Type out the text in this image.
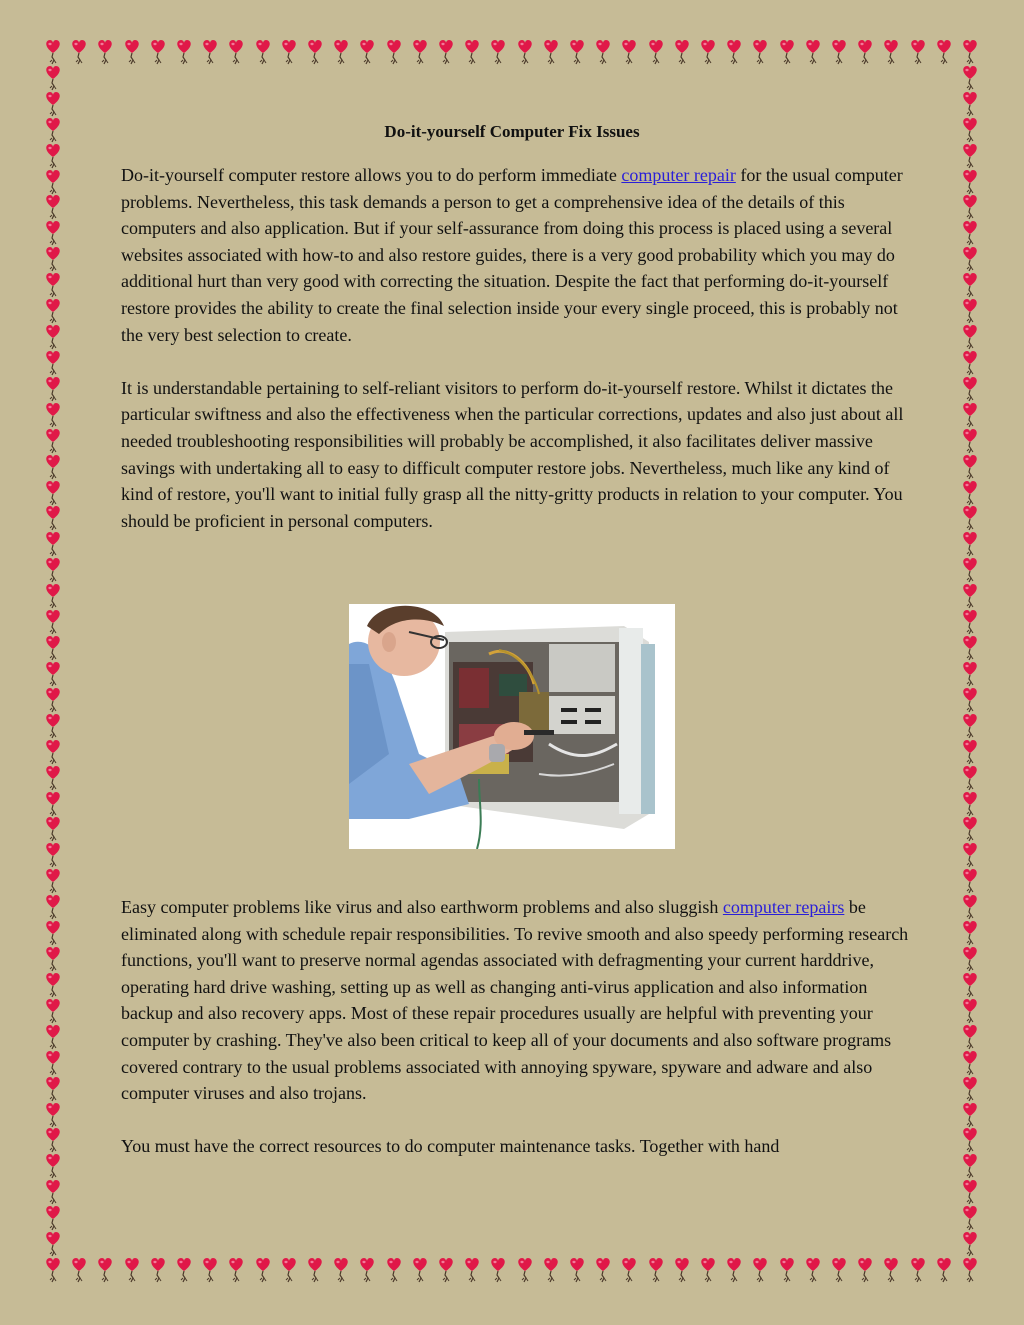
Do-it-yourself Computer Fix Issues

Do-it-yourself computer restore allows you to do perform immediate computer repair for the usual computer problems. Nevertheless, this task demands a person to get a comprehensive idea of the details of this computers and also application. But if your self-assurance from doing this process is placed using a several websites associated with how-to and also restore guides, there is a very good probability which you may do additional hurt than very good with correcting the situation. Despite the fact that performing do-it-yourself restore provides the ability to create the final selection inside your every single proceed, this is probably not the very best selection to create.

It is understandable pertaining to self-reliant visitors to perform do-it-yourself restore. Whilst it dictates the particular swiftness and also the effectiveness when the particular corrections, updates and also just about all needed troubleshooting responsibilities will probably be accomplished, it also facilitates deliver massive savings with undertaking all to easy to difficult computer restore jobs. Nevertheless, much like any kind of kind of restore, you'll want to initial fully grasp all the nitty-gritty products in relation to your computer. You should be proficient in personal computers.

Easy computer problems like virus and also earthworm problems and also sluggish computer repairs be eliminated along with schedule repair responsibilities. To revive smooth and also speedy performing research functions, you'll want to preserve normal agendas associated with defragmenting your current harddrive, operating hard drive washing, setting up as well as changing anti-virus application and also information backup and also recovery apps. Most of these repair procedures usually are helpful with preventing your computer by crashing. They've also been critical to keep all of your documents and also software programs covered contrary to the usual problems associated with annoying spyware, spyware and adware and also computer viruses and also trojans.

You must have the correct resources to do computer maintenance tasks. Together with hand
